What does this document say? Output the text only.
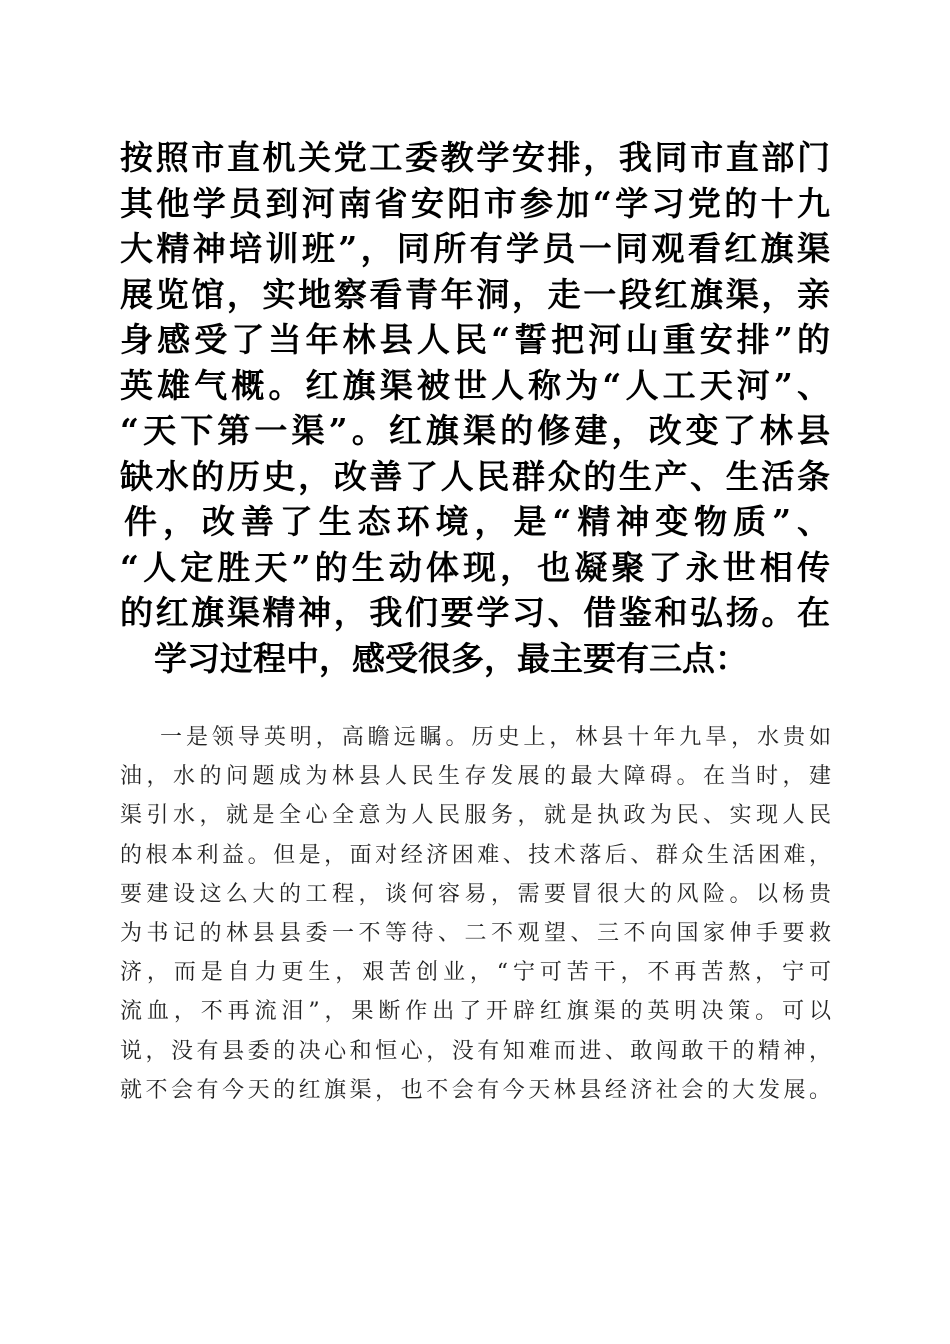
按照市直机关党工委教学安排，我同市直部门
其他学员到河南省安阳市参加“学习党的十九
大精神培训班”，同所有学员一同观看红旗渠
展览馆，实地察看青年洞，走一段红旗渠，亲
身感受了当年林县人民“誓把河山重安排”的
英雄气概。红旗渠被世人称为“人工天河”、
“天下第一渠”。红旗渠的修建，改变了林县
缺水的历史，改善了人民群众的生产、生活条
件，改善了生态环境，是“精神变物质”、
“人定胜天”的生动体现，也凝聚了永世相传
的红旗渠精神，我们要学习、借鉴和弘扬。在
学习过程中，感受很多，最主要有三点：
一是领导英明，高瞻远瞩。历史上，林县十年九旱，水贵如
油，水的问题成为林县人民生存发展的最大障碍。在当时，建
渠引水，就是全心全意为人民服务，就是执政为民、实现人民
的根本利益。但是，面对经济困难、技术落后、群众生活困难，
要建设这么大的工程，谈何容易，需要冒很大的风险。以杨贵
为书记的林县县委一不等待、二不观望、三不向国家伸手要救
济，而是自力更生，艰苦创业，“宁可苦干，不再苦熬，宁可
流血，不再流泪”，果断作出了开辟红旗渠的英明决策。可以
说，没有县委的决心和恒心，没有知难而进、敢闯敢干的精神，
就不会有今天的红旗渠，也不会有今天林县经济社会的大发展。
